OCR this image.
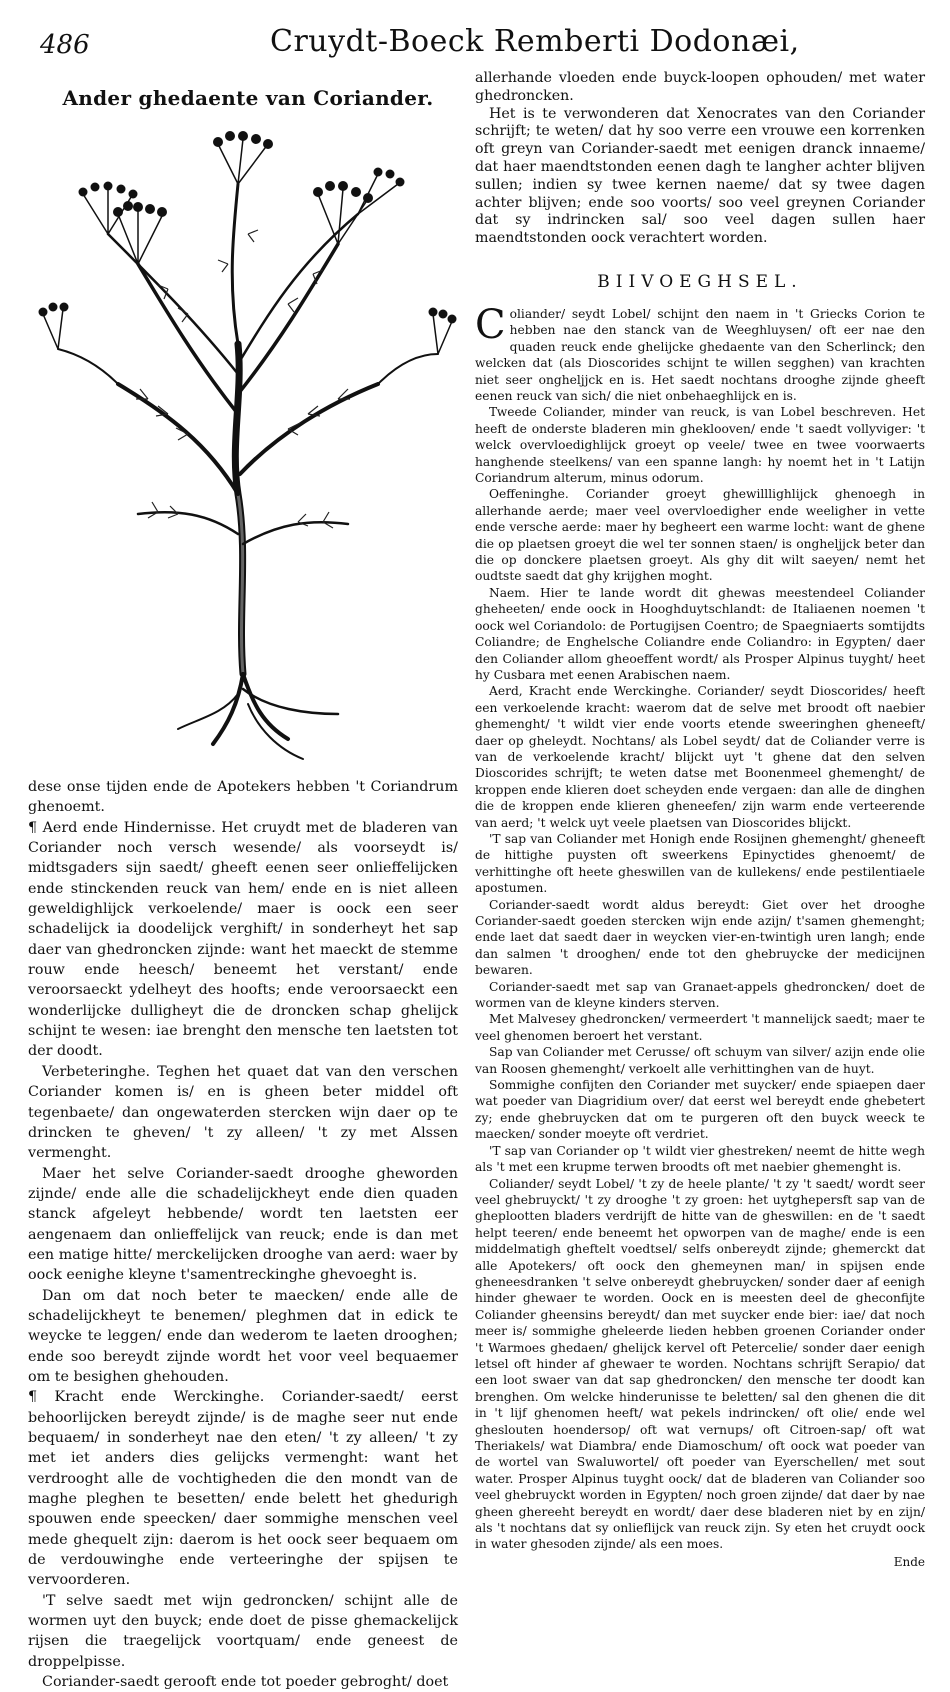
486	Cruydt-Boeck Remberti Dodonæi,
Ander ghedaente van Coriander.

dese onse tijden ende de Apotekers hebben 't Coriandrum ghenoemt.

¶ Aerd ende Hindernisse. Het cruydt met de bladeren van Coriander noch versch wesende/ als voorseydt is/ midtsgaders sijn saedt/ gheeft eenen seer onlieffelijcken ende stinckenden reuck van hem/ ende en is niet alleen geweldighlijck verkoelende/ maer is oock een seer schadelijck ia doodelijck verghift/ in sonderheyt het sap daer van ghedroncken zijnde: want het maeckt de stemme rouw ende heesch/ beneemt het verstant/ ende veroorsaeckt ydelheyt des hoofts; ende veroorsaeckt een wonderlijcke dulligheyt die de droncken schap ghelijck schijnt te wesen: iae brenght den mensche ten laetsten tot der doodt.

Verbeteringhe. Teghen het quaet dat van den verschen Coriander komen is/ en is gheen beter middel oft tegenbaete/ dan ongewaterden stercken wijn daer op te drincken te gheven/ 't zy alleen/ 't zy met Alssen vermenght.

Maer het selve Coriander-saedt drooghe gheworden zijnde/ ende alle die schadelijckheyt ende dien quaden stanck afgeleyt hebbende/ wordt ten laetsten eer aengenaem dan onlieffelijck van reuck; ende is dan met een matige hitte/ merckelijcken drooghe van aerd: waer by oock eenighe kleyne t'samentreckinghe ghevoeght is.

Dan om dat noch beter te maecken/ ende alle de schadelijckheyt te benemen/ pleghmen dat in edick te weycke te leggen/ ende dan wederom te laeten drooghen; ende soo bereydt zijnde wordt het voor veel bequaemer om te besighen ghehouden.

¶ Kracht ende Werckinghe. Coriander-saedt/ eerst behoorlijcken bereydt zijnde/ is de maghe seer nut ende bequaem/ in sonderheyt nae den eten/ 't zy alleen/ 't zy met iet anders dies gelijcks vermenght: want het verdrooght alle de vochtigheden die den mondt van de maghe pleghen te besetten/ ende belett het ghedurigh spouwen ende speecken/ daer sommighe menschen veel mede ghequelt zijn: daerom is het oock seer bequaem om de verdouwinghe ende verteeringhe der spijsen te vervoorderen.

'T selve saedt met wijn gedroncken/ schijnt alle de wormen uyt den buyck; ende doet de pisse ghemackelijck rijsen die traegelijck voortquam/ ende geneest de droppelpisse.

Coriander-saedt gerooft ende tot poeder gebroght/ doet

allerhande vloeden ende buyck-loopen ophouden/ met water ghedroncken.

Het is te verwonderen dat Xenocrates van den Coriander schrijft; te weten/ dat hy soo verre een vrouwe een korrenken oft greyn van Coriander-saedt met eenigen dranck innaeme/ dat haer maendtstonden eenen dagh te langher achter blijven sullen; indien sy twee kernen naeme/ dat sy twee dagen achter blijven; ende soo voorts/ soo veel greynen Coriander dat sy indrincken sal/ soo veel dagen sullen haer maendtstonden oock verachtert worden.

BIIVOEGHSEL.

Coliander/ seydt Lobel/ schijnt den naem in 't Griecks Corion te hebben nae den stanck van de Weeghluysen/ oft eer nae den quaden reuck ende ghelijcke ghedaente van den Scherlinck; den welcken dat (als Dioscorides schijnt te willen segghen) van krachten niet seer ongheljjck en is. Het saedt nochtans drooghe zijnde gheeft eenen reuck van sich/ die niet onbehaeghlijck en is.

Tweede Coliander, minder van reuck, is van Lobel beschreven. Het heeft de onderste bladeren min gheklooven/ ende 't saedt vollyviger: 't welck overvloedighlijck groeyt op veele/ twee en twee voorwaerts hanghende steelkens/ van een spanne langh: hy noemt het in 't Latijn Coriandrum alterum, minus odorum.

Oeffeninghe. Coriander groeyt ghewilllighlijck ghenoegh in allerhande aerde; maer veel overvloedigher ende weeligher in vette ende versche aerde: maer hy begheert een warme locht: want de ghene die op plaetsen groeyt die wel ter sonnen staen/ is ongheljjck beter dan die op donckere plaetsen groeyt. Als ghy dit wilt saeyen/ nemt het oudtste saedt dat ghy krijghen moght.

Naem. Hier te lande wordt dit ghewas meestendeel Coliander gheheeten/ ende oock in Hooghduytschlandt: de Italiaenen noemen 't oock wel Coriandolo: de Portugijsen Coentro; de Spaegniaerts somtijdts Coliandre; de Enghelsche Coliandre ende Coliandro: in Egypten/ daer den Coliander allom gheoeffent wordt/ als Prosper Alpinus tuyght/ heet hy Cusbara met eenen Arabischen naem.

Aerd, Kracht ende Werckinghe. Coriander/ seydt Dioscorides/ heeft een verkoelende kracht: waerom dat de selve met broodt oft naebier ghemenght/ 't wildt vier ende voorts etende sweeringhen gheneeft/ daer op gheleydt. Nochtans/ als Lobel seydt/ dat de Coliander verre is van de verkoelende kracht/ blijckt uyt 't ghene dat den selven Dioscorides schrijft; te weten datse met Boonenmeel ghemenght/ de kroppen ende klieren doet scheyden ende vergaen: dan alle de dinghen die de kroppen ende klieren gheneefen/ zijn warm ende verteerende van aerd; 't welck uyt veele plaetsen van Dioscorides blijckt.

'T sap van Coliander met Honigh ende Rosijnen ghemenght/ gheneeft de hittighe puysten oft sweerkens Epinyctides ghenoemt/ de verhittinghe oft heete gheswillen van de kullekens/ ende pestilentiaele apostumen.

Coriander-saedt wordt aldus bereydt: Giet over het drooghe Coriander-saedt goeden stercken wijn ende azijn/ t'samen ghemenght; ende laet dat saedt daer in weycken vier-en-twintigh uren langh; ende dan salmen 't drooghen/ ende tot den ghebruycke der medicijnen bewaren.

Coriander-saedt met sap van Granaet-appels ghedroncken/ doet de wormen van de kleyne kinders sterven.

Met Malvesey ghedroncken/ vermeerdert 't mannelijck saedt; maer te veel ghenomen beroert het verstant.

Sap van Coliander met Cerusse/ oft schuym van silver/ azijn ende olie van Roosen ghemenght/ verkoelt alle verhittinghen van de huyt.

Sommighe confijten den Coriander met suycker/ ende spiaepen daer wat poeder van Diagridium over/ dat eerst wel bereydt ende ghebetert zy; ende ghebruycken dat om te purgeren oft den buyck weeck te maecken/ sonder moeyte oft verdriet.

'T sap van Coriander op 't wildt vier ghestreken/ neemt de hitte wegh als 't met een krupme terwen broodts oft met naebier ghemenght is.

Coliander/ seydt Lobel/ 't zy de heele plante/ 't zy 't saedt/ wordt seer veel ghebruyckt/ 't zy drooghe 't zy groen: het uytghepersft sap van de gheplootten bladers verdrijft de hitte van de gheswillen: en de 't saedt helpt teeren/ ende beneemt het opworpen van de maghe/ ende is een middelmatigh gheftelt voedtsel/ selfs onbereydt zijnde; ghemerckt dat alle Apotekers/ oft oock den ghemeynen man/ in spijsen ende gheneesdranken 't selve onbereydt ghebruycken/ sonder daer af eenigh hinder ghewaer te worden. Oock en is meesten deel de gheconfijte Coliander gheensins bereydt/ dan met suycker ende bier: iae/ dat noch meer is/ sommighe gheleerde lieden hebben groenen Coriander onder 't Warmoes ghedaen/ ghelijck kervel oft Petercelie/ sonder daer eenigh letsel oft hinder af ghewaer te worden. Nochtans schrijft Serapio/ dat een loot swaer van dat sap ghedroncken/ den mensche ter doodt kan brenghen. Om welcke hinderunisse te beletten/ sal den ghenen die dit in 't lijf ghenomen heeft/ wat pekels indrincken/ oft olie/ ende wel gheslouten hoendersop/ oft wat vernups/ oft Citroen-sap/ oft wat Theriakels/ wat Diambra/ ende Diamoschum/ oft oock wat poeder van de wortel van Swaluwortel/ oft poeder van Eyerschellen/ met sout water. Prosper Alpinus tuyght oock/ dat de bladeren van Coliander soo veel ghebruyckt worden in Egypten/ noch groen zijnde/ dat daer by nae gheen ghereeht bereydt en wordt/ daer dese bladeren niet by en zijn/ als 't nochtans dat sy onlieflijck van reuck zijn. Sy eten het cruydt oock in water ghesoden zijnde/ als een moes.

Ende
